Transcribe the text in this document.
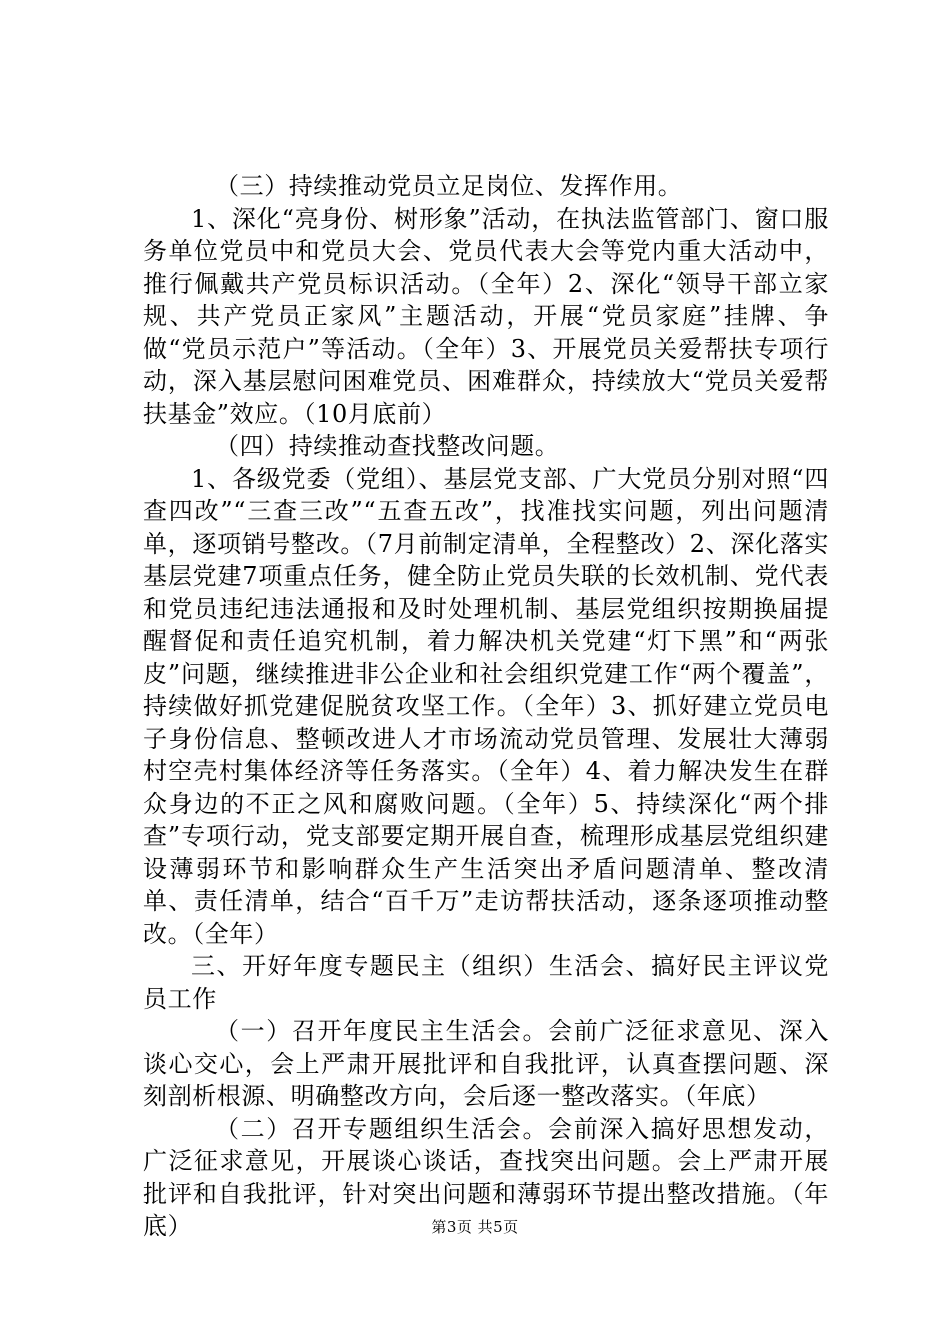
（三）持续推动党员立足岗位、发挥作用。

1、深化“亮身份、树形象”活动，在执法监管部门、窗口服务单位党员中和党员大会、党员代表大会等党内重大活动中，推行佩戴共产党员标识活动。（全年）2、深化“领导干部立家规、共产党员正家风”主题活动，开展“党员家庭”挂牌、争做“党员示范户”等活动。（全年）3、开展党员关爱帮扶专项行动，深入基层慰问困难党员、困难群众，持续放大“党员关爱帮扶基金”效应。（10月底前）

（四）持续推动查找整改问题。

1、各级党委（党组）、基层党支部、广大党员分别对照“四查四改”“三查三改”“五查五改”，找准找实问题，列出问题清单，逐项销号整改。（7月前制定清单，全程整改）2、深化落实基层党建7项重点任务，健全防止党员失联的长效机制、党代表和党员违纪违法通报和及时处理机制、基层党组织按期换届提醒督促和责任追究机制，着力解决机关党建“灯下黑”和“两张皮”问题，继续推进非公企业和社会组织党建工作“两个覆盖”，持续做好抓党建促脱贫攻坚工作。（全年）3、抓好建立党员电子身份信息、整顿改进人才市场流动党员管理、发展壮大薄弱村空壳村集体经济等任务落实。（全年）4、着力解决发生在群众身边的不正之风和腐败问题。（全年）5、持续深化“两个排查”专项行动，党支部要定期开展自查，梳理形成基层党组织建设薄弱环节和影响群众生产生活突出矛盾问题清单、整改清单、责任清单，结合“百千万”走访帮扶活动，逐条逐项推动整改。（全年）

三、开好年度专题民主（组织）生活会、搞好民主评议党员工作

（一）召开年度民主生活会。会前广泛征求意见、深入谈心交心，会上严肃开展批评和自我批评，认真查摆问题、深刻剖析根源、明确整改方向，会后逐一整改落实。（年底）

（二）召开专题组织生活会。会前深入搞好思想发动，广泛征求意见，开展谈心谈话，查找突出问题。会上严肃开展批评和自我批评，针对突出问题和薄弱环节提出整改措施。（年底）	第3页 共5页
